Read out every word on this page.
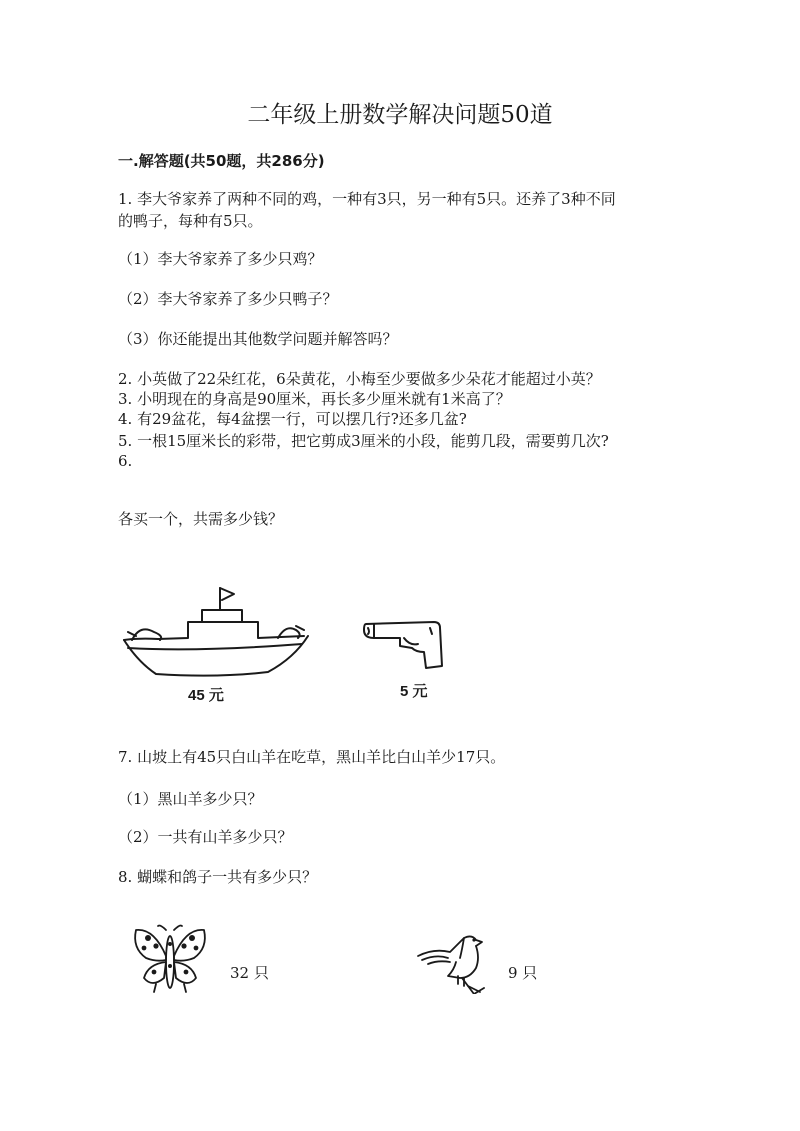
二年级上册数学解决问题50道
一.解答题(共50题，共286分)
1. 李大爷家养了两种不同的鸡，一种有3只，另一种有5只。还养了3种不同
的鸭子，每种有5只。
（1）李大爷家养了多少只鸡？
（2）李大爷家养了多少只鸭子？
（3）你还能提出其他数学问题并解答吗？
2. 小英做了22朵红花，6朵黄花，小梅至少要做多少朵花才能超过小英？
3. 小明现在的身高是90厘米，再长多少厘米就有1米高了？
4. 有29盆花，每4盆摆一行，可以摆几行?还多几盆?
5. 一根15厘米长的彩带，把它剪成3厘米的小段，能剪几段，需要剪几次?
6.
各买一个，共需多少钱？
45 元	5 元
7. 山坡上有45只白山羊在吃草，黑山羊比白山羊少17只。
（1）黑山羊多少只？
（2）一共有山羊多少只？
8. 蝴蝶和鸽子一共有多少只？
32 只	9 只
